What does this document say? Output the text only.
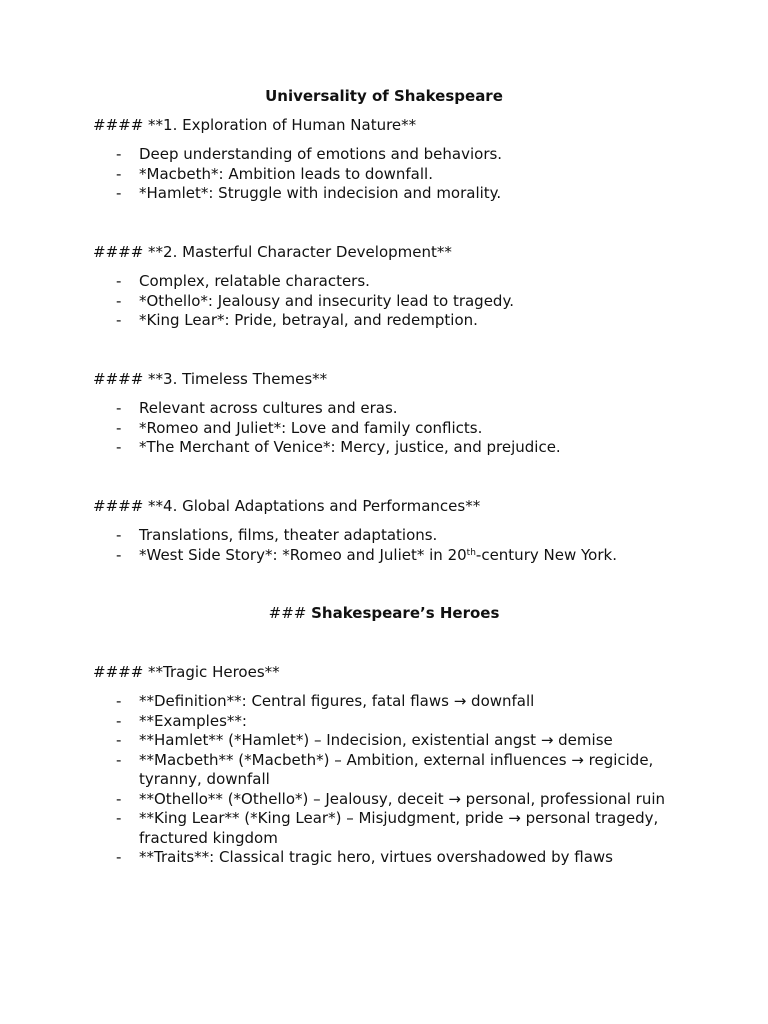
Universality of Shakespeare
#### **1. Exploration of Human Nature**
- Deep understanding of emotions and behaviors.
- *Macbeth*: Ambition leads to downfall.
- *Hamlet*: Struggle with indecision and morality.
#### **2. Masterful Character Development**
- Complex, relatable characters.
- *Othello*: Jealousy and insecurity lead to tragedy.
- *King Lear*: Pride, betrayal, and redemption.
#### **3. Timeless Themes**
- Relevant across cultures and eras.
- *Romeo and Juliet*: Love and family conflicts.
- *The Merchant of Venice*: Mercy, justice, and prejudice.
#### **4. Global Adaptations and Performances**
- Translations, films, theater adaptations.
- *West Side Story*: *Romeo and Juliet* in 20th-century New York.
### Shakespeare’s Heroes
#### **Tragic Heroes**
- **Definition**: Central figures, fatal flaws → downfall
- **Examples**:
- **Hamlet** (*Hamlet*) – Indecision, existential angst → demise
- **Macbeth** (*Macbeth*) – Ambition, external influences → regicide, tyranny, downfall
- **Othello** (*Othello*) – Jealousy, deceit → personal, professional ruin
- **King Lear** (*King Lear*) – Misjudgment, pride → personal tragedy, fractured kingdom
- **Traits**: Classical tragic hero, virtues overshadowed by flaws
